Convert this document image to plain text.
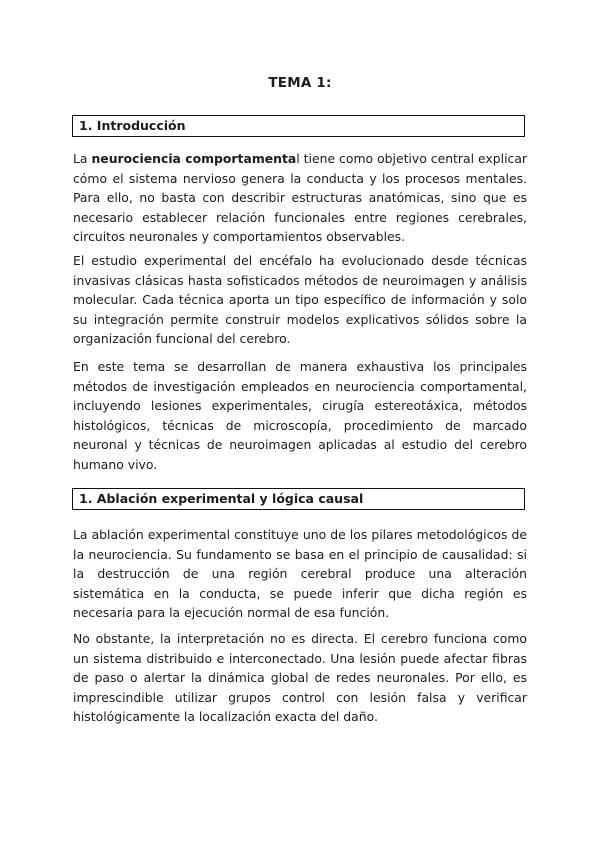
TEMA 1:
1. Introducción

La neurociencia comportamental tiene como objetivo central explicar cómo el sistema nervioso genera la conducta y los procesos mentales. Para ello, no basta con describir estructuras anatómicas, sino que es necesario establecer relación funcionales entre regiones cerebrales, circuitos neuronales y comportamientos observables.

El estudio experimental del encéfalo ha evolucionado desde técnicas invasivas clásicas hasta sofisticados métodos de neuroimagen y análisis molecular. Cada técnica aporta un tipo específico de información y solo su integración permite construir modelos explicativos sólidos sobre la organización funcional del cerebro.

En este tema se desarrollan de manera exhaustiva los principales métodos de investigación empleados en neurociencia comportamental, incluyendo lesiones experimentales, cirugía estereotáxica, métodos histológicos, técnicas de microscopía, procedimiento de marcado neuronal y técnicas de neuroimagen aplicadas al estudio del cerebro humano vivo.

1. Ablación experimental y lógica causal

La ablación experimental constituye uno de los pilares metodológicos de la neurociencia. Su fundamento se basa en el principio de causalidad: si la destrucción de una región cerebral produce una alteración sistemática en la conducta, se puede inferir que dicha región es necesaria para la ejecución normal de esa función.

No obstante, la interpretación no es directa. El cerebro funciona como un sistema distribuido e interconectado. Una lesión puede afectar fibras de paso o alertar la dinámica global de redes neuronales. Por ello, es imprescindible utilizar grupos control con lesión falsa y verificar histológicamente la localización exacta del daño.
